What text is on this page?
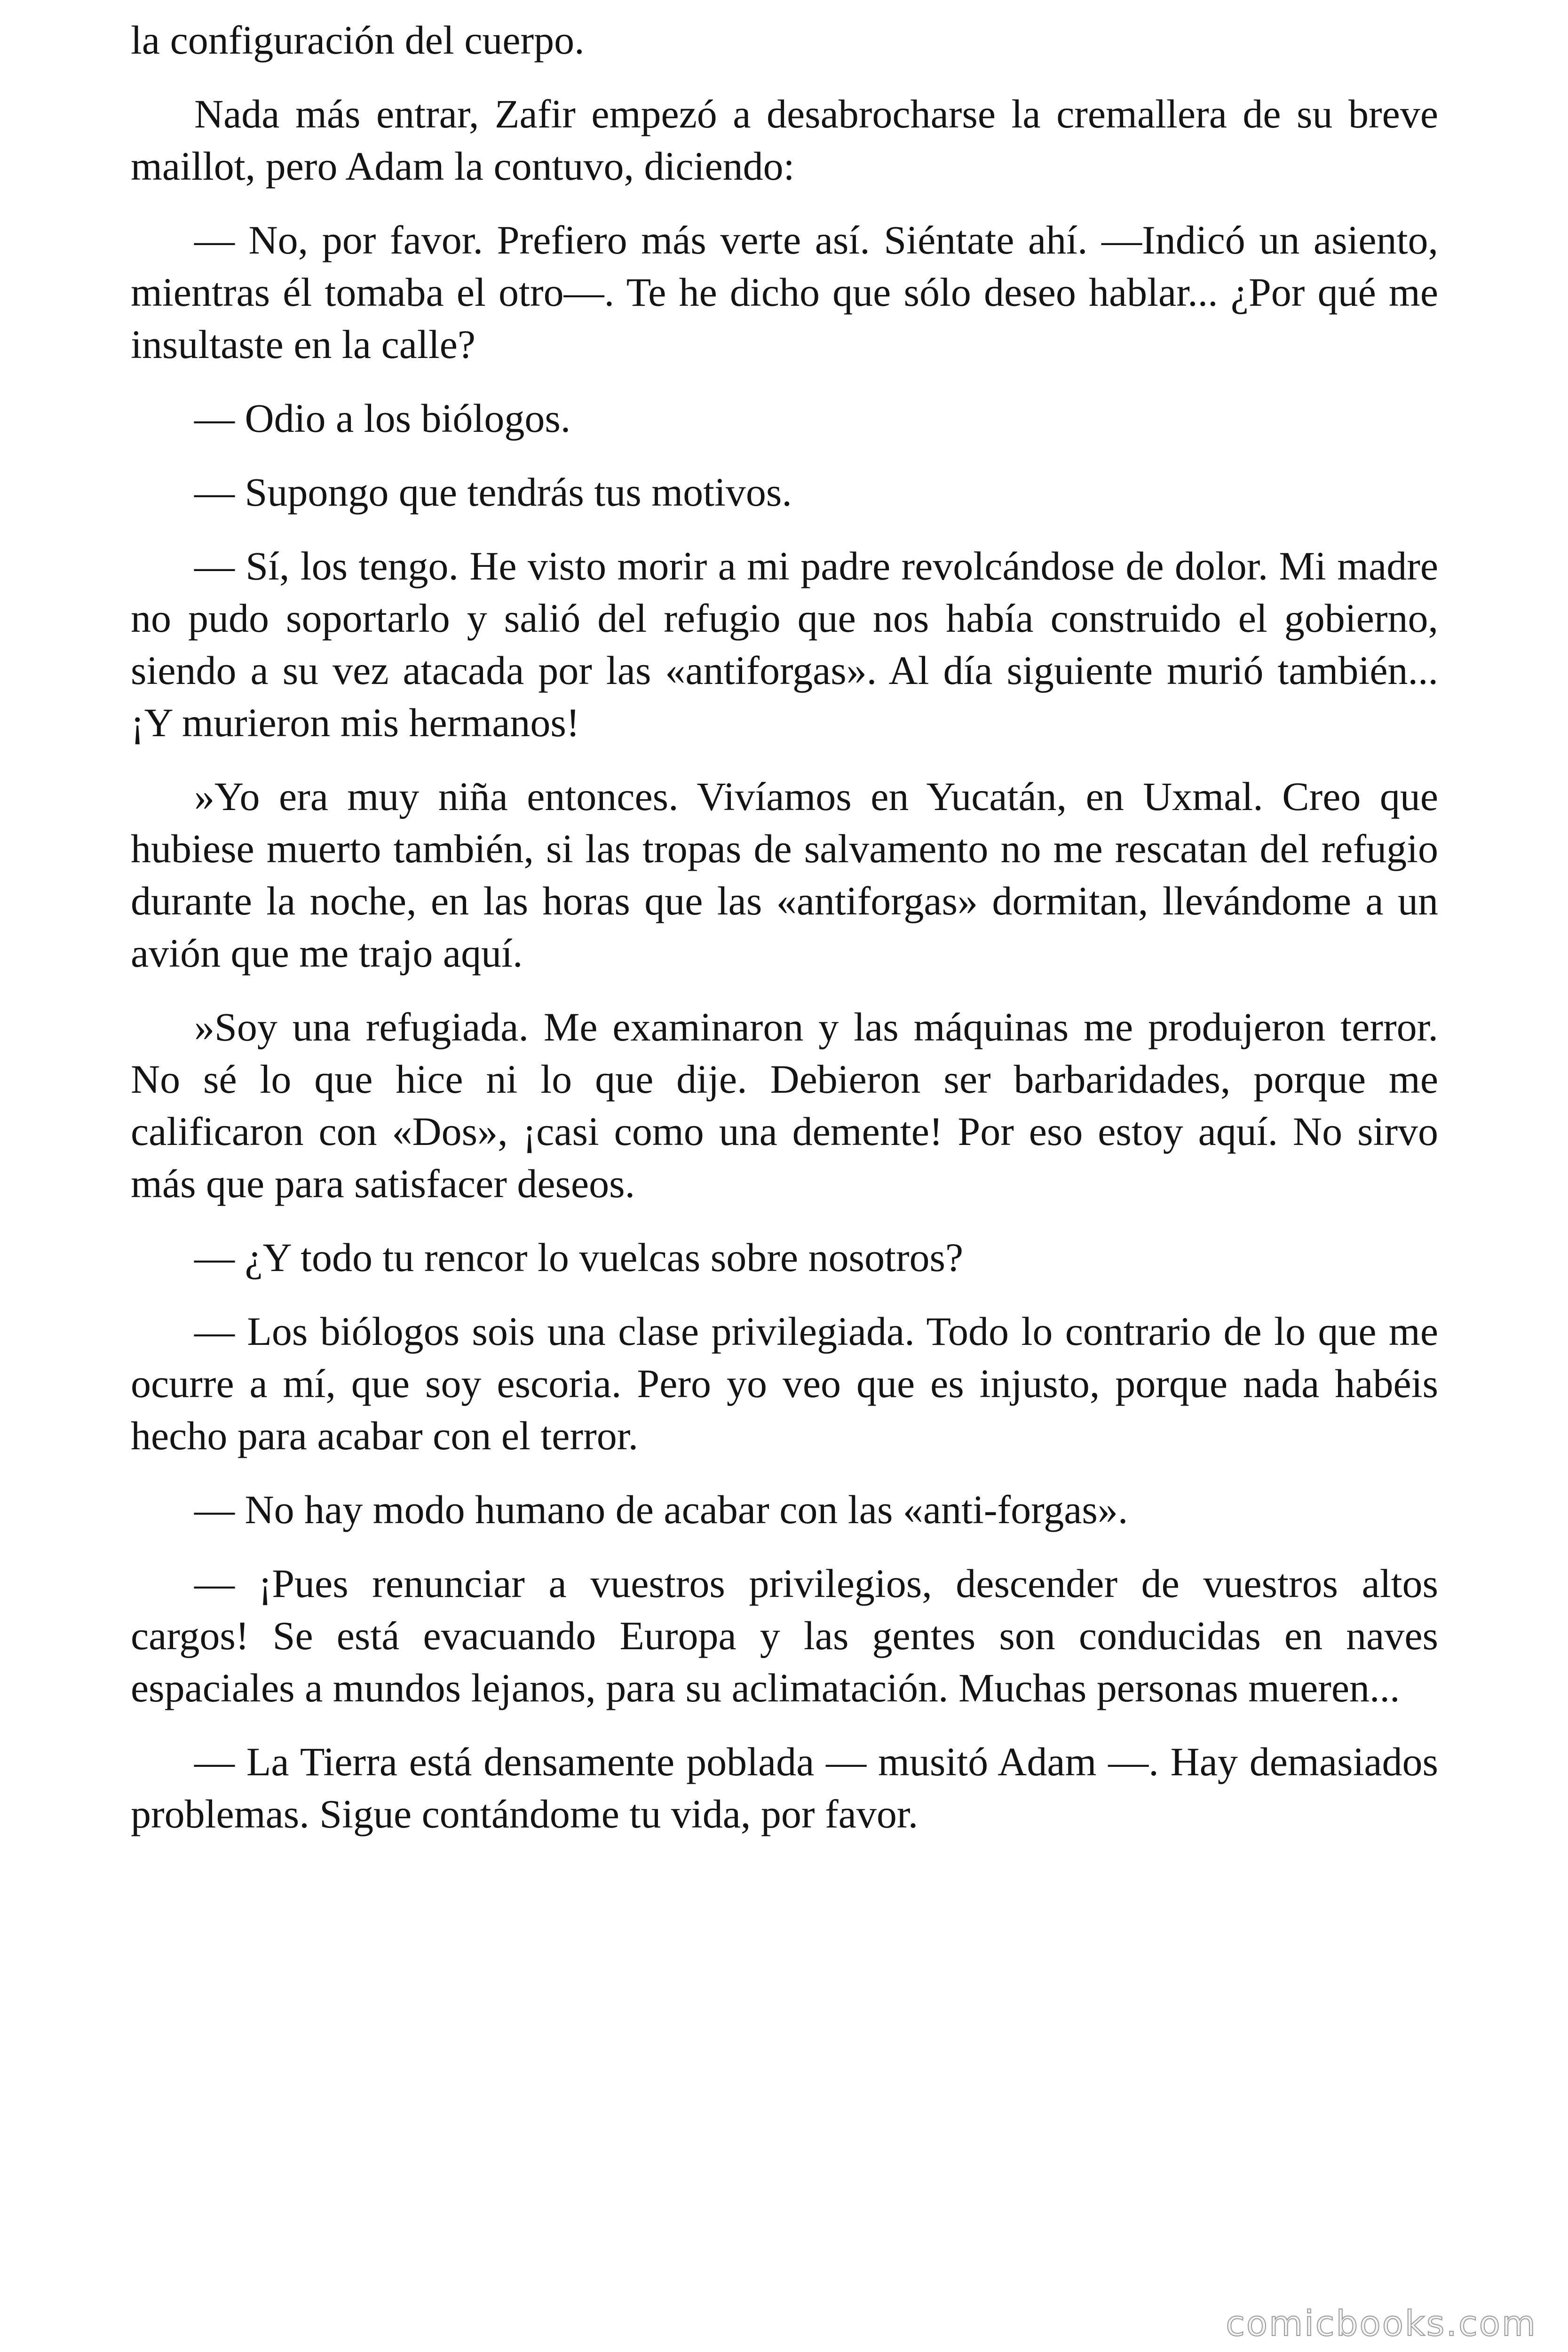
la configuración del cuerpo.

Nada más entrar, Zafir empezó a desabrocharse la cremallera de su breve maillot, pero Adam la contuvo, diciendo:

— No, por favor. Prefiero más verte así. Siéntate ahí. —Indicó un asiento, mientras él tomaba el otro—. Te he dicho que sólo deseo hablar... ¿Por qué me insultaste en la calle?

— Odio a los biólogos.

— Supongo que tendrás tus motivos.

— Sí, los tengo. He visto morir a mi padre revolcándose de dolor. Mi madre no pudo soportarlo y salió del refugio que nos había construido el gobierno, siendo a su vez atacada por las «antiforgas». Al día siguiente murió también... ¡Y murieron mis hermanos!

»Yo era muy niña entonces. Vivíamos en Yucatán, en Uxmal. Creo que hubiese muerto también, si las tropas de salvamento no me rescatan del refugio durante la noche, en las horas que las «antiforgas» dormitan, llevándome a un avión que me trajo aquí.

»Soy una refugiada. Me examinaron y las máquinas me produjeron terror. No sé lo que hice ni lo que dije. Debieron ser barbaridades, porque me calificaron con «Dos», ¡casi como una demente! Por eso estoy aquí. No sirvo más que para satisfacer deseos.

— ¿Y todo tu rencor lo vuelcas sobre nosotros?

— Los biólogos sois una clase privilegiada. Todo lo contrario de lo que me ocurre a mí, que soy escoria. Pero yo veo que es injusto, porque nada habéis hecho para acabar con el terror.

— No hay modo humano de acabar con las «anti-forgas».

— ¡Pues renunciar a vuestros privilegios, descender de vuestros altos cargos! Se está evacuando Europa y las gentes son conducidas en naves espaciales a mundos lejanos, para su aclimatación. Muchas personas mueren...

— La Tierra está densamente poblada — musitó Adam —. Hay demasiados problemas. Sigue contándome tu vida, por favor.

comicbooks.com
